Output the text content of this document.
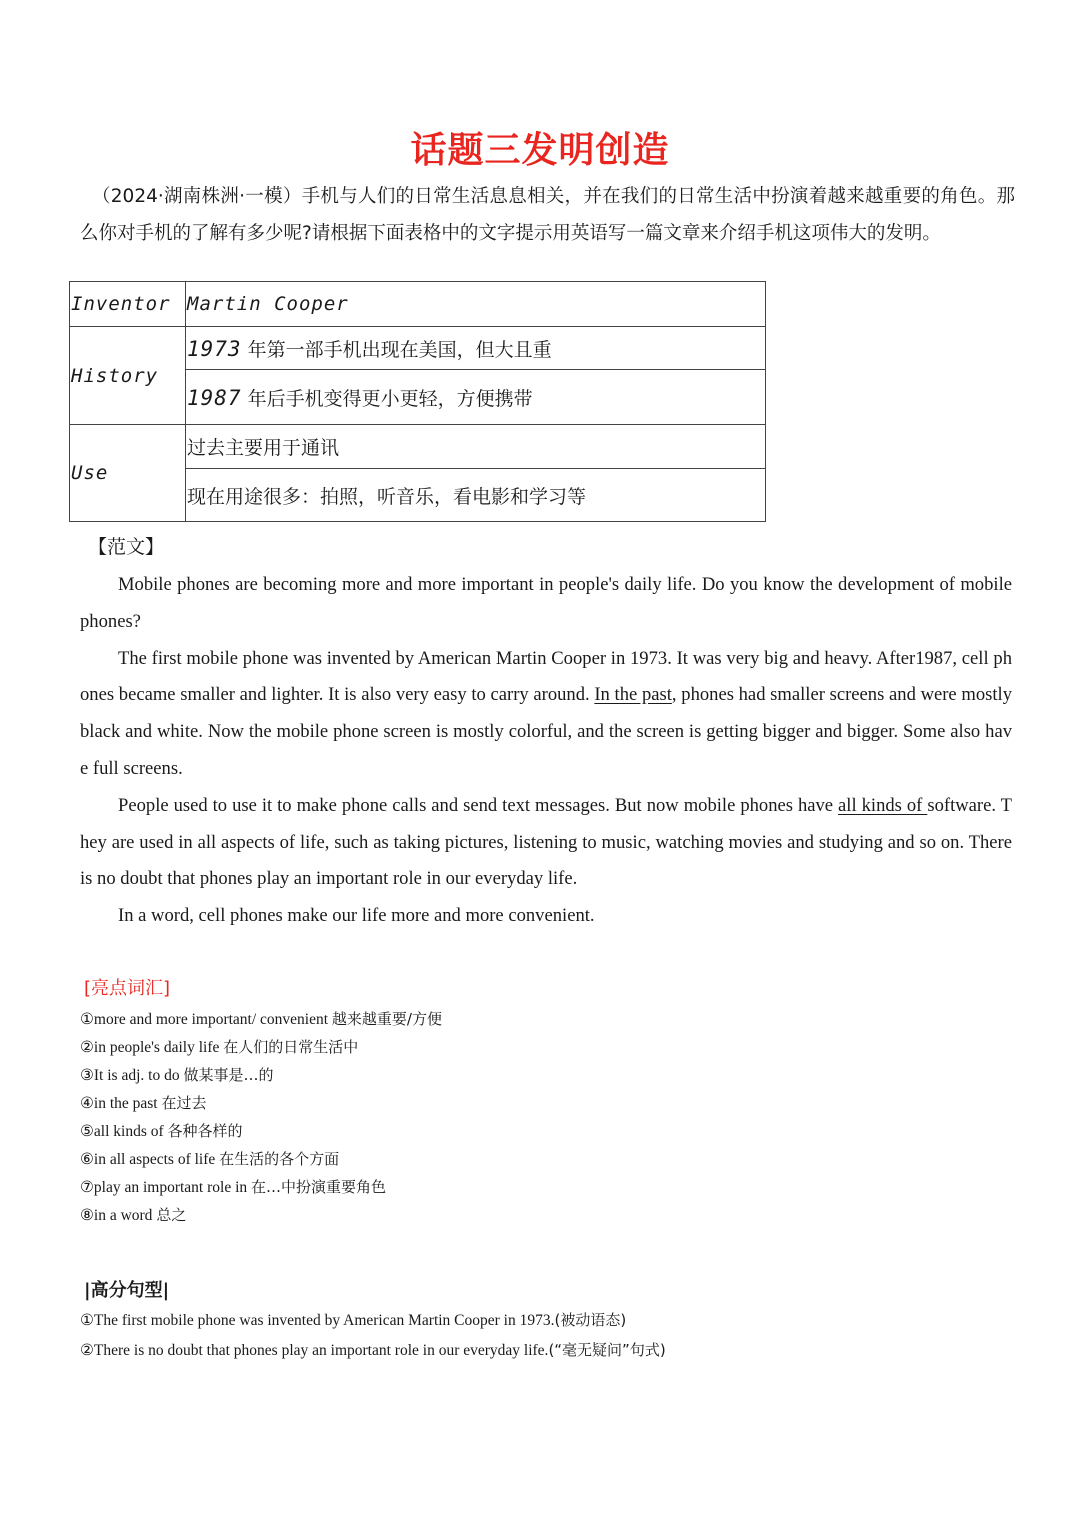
话题三发明创造
（2024·湖南株洲·一模）手机与人们的日常生活息息相关，并在我们的日常生活中扮演着越来越重要的角色。那么你对手机的了解有多少呢?请根据下面表格中的文字提示用英语写一篇文章来介绍手机这项伟大的发明。
Inventor	Martin Cooper
History	1973 年第一部手机出现在美国，但大且重
	1987 年后手机变得更小更轻，方便携带
Use	过去主要用于通讯
	现在用途很多：拍照，听音乐，看电影和学习等
【范文】

Mobile phones are becoming more and more important in people's daily life. Do you know the development of mobile phones?

The first mobile phone was invented by American Martin Cooper in 1973. It was very big and heavy. After1987, cell phones became smaller and lighter. It is also very easy to carry around. In the past, phones had smaller screens and were mostly black and white. Now the mobile phone screen is mostly colorful, and the screen is getting bigger and bigger. Some also have full screens.

People used to use it to make phone calls and send text messages. But now mobile phones have all kinds of software. They are used in all aspects of life, such as taking pictures, listening to music, watching movies and studying and so on. There is no doubt that phones play an important role in our everyday life.

In a word, cell phones make our life more and more convenient.

[亮点词汇]
①more and more important/ convenient 越来越重要/方便
②in people's daily life 在人们的日常生活中
③It is adj. to do 做某事是…的
④in the past 在过去
⑤all kinds of 各种各样的
⑥in all aspects of life 在生活的各个方面
⑦play an important role in 在…中扮演重要角色
⑧in a word 总之
|高分句型|
①The first mobile phone was invented by American Martin Cooper in 1973.(被动语态)
②There is no doubt that phones play an important role in our everyday life.(“毫无疑问”句式)
